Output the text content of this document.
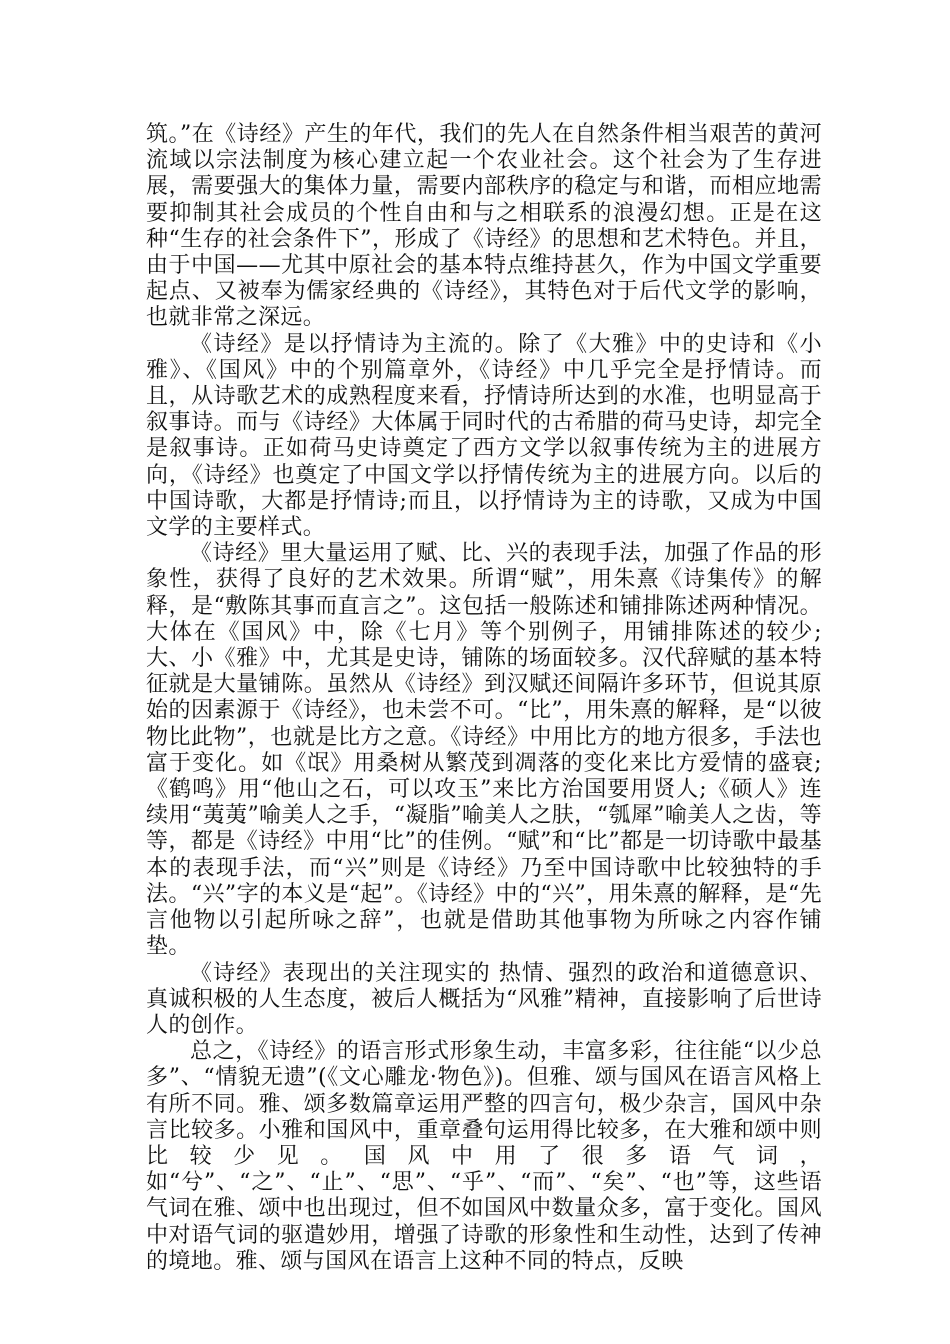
筑。”在《诗经》产生的年代，我们的先人在自然条件相当艰苦的黄河流域以宗法制度为核心建立起一个农业社会。这个社会为了生存进展，需要强大的集体力量，需要内部秩序的稳定与和谐，而相应地需要抑制其社会成员的个性自由和与之相联系的浪漫幻想。正是在这种“生存的社会条件下”，形成了《诗经》的思想和艺术特色。并且，由于中国——尤其中原社会的基本特点维持甚久，作为中国文学重要起点、又被奉为儒家经典的《诗经》，其特色对于后代文学的影响，也就非常之深远。

《诗经》是以抒情诗为主流的。除了《大雅》中的史诗和《小雅》、《国风》中的个别篇章外，《诗经》中几乎完全是抒情诗。而且，从诗歌艺术的成熟程度来看，抒情诗所达到的水准，也明显高于叙事诗。而与《诗经》大体属于同时代的古希腊的荷马史诗，却完全是叙事诗。正如荷马史诗奠定了西方文学以叙事传统为主的进展方向，《诗经》也奠定了中国文学以抒情传统为主的进展方向。以后的中国诗歌，大都是抒情诗;而且，以抒情诗为主的诗歌，又成为中国文学的主要样式。

《诗经》里大量运用了赋、比、兴的表现手法，加强了作品的形象性，获得了良好的艺术效果。所谓“赋”，用朱熹《诗集传》的解释，是“敷陈其事而直言之”。这包括一般陈述和铺排陈述两种情况。大体在《国风》中，除《七月》等个别例子，用铺排陈述的较少;大、小《雅》中，尤其是史诗，铺陈的场面较多。汉代辞赋的基本特征就是大量铺陈。虽然从《诗经》到汉赋还间隔许多环节，但说其原始的因素源于《诗经》，也未尝不可。“比”，用朱熹的解释，是“以彼物比此物”，也就是比方之意。《诗经》中用比方的地方很多，手法也富于变化。如《氓》用桑树从繁茂到凋落的变化来比方爱情的盛衰;《鹤鸣》用“他山之石，可以攻玉”来比方治国要用贤人;《硕人》连续用“荑荑”喻美人之手，“凝脂”喻美人之肤，“瓠犀”喻美人之齿，等等，都是《诗经》中用“比”的佳例。“赋”和“比”都是一切诗歌中最基本的表现手法，而“兴”则是《诗经》乃至中国诗歌中比较独特的手法。“兴”字的本义是“起”。《诗经》中的“兴”，用朱熹的解释，是“先言他物以引起所咏之辞”，也就是借助其他事物为所咏之内容作铺垫。

《诗经》表现出的关注现实的 热情、强烈的政治和道德意识、真诚积极的人生态度，被后人概括为“风雅”精神，直接影响了后世诗人的创作。

总之，《诗经》的语言形式形象生动，丰富多彩，往往能“以少总多”、“情貌无遗”(《文心雕龙·物色》)。但雅、颂与国风在语言风格上有所不同。雅、颂多数篇章运用严整的四言句，极少杂言，国风中杂言比较多。小雅和国风中，重章叠句运用得比较多，在大雅和颂中则比较少见。国风中用了很多语气词，如“兮”、“之”、“止”、“思”、“乎”、“而”、“矣”、“也”等，这些语气词在雅、颂中也出现过，但不如国风中数量众多，富于变化。国风中对语气词的驱遣妙用，增强了诗歌的形象性和生动性，达到了传神的境地。雅、颂与国风在语言上这种不同的特点，反映
